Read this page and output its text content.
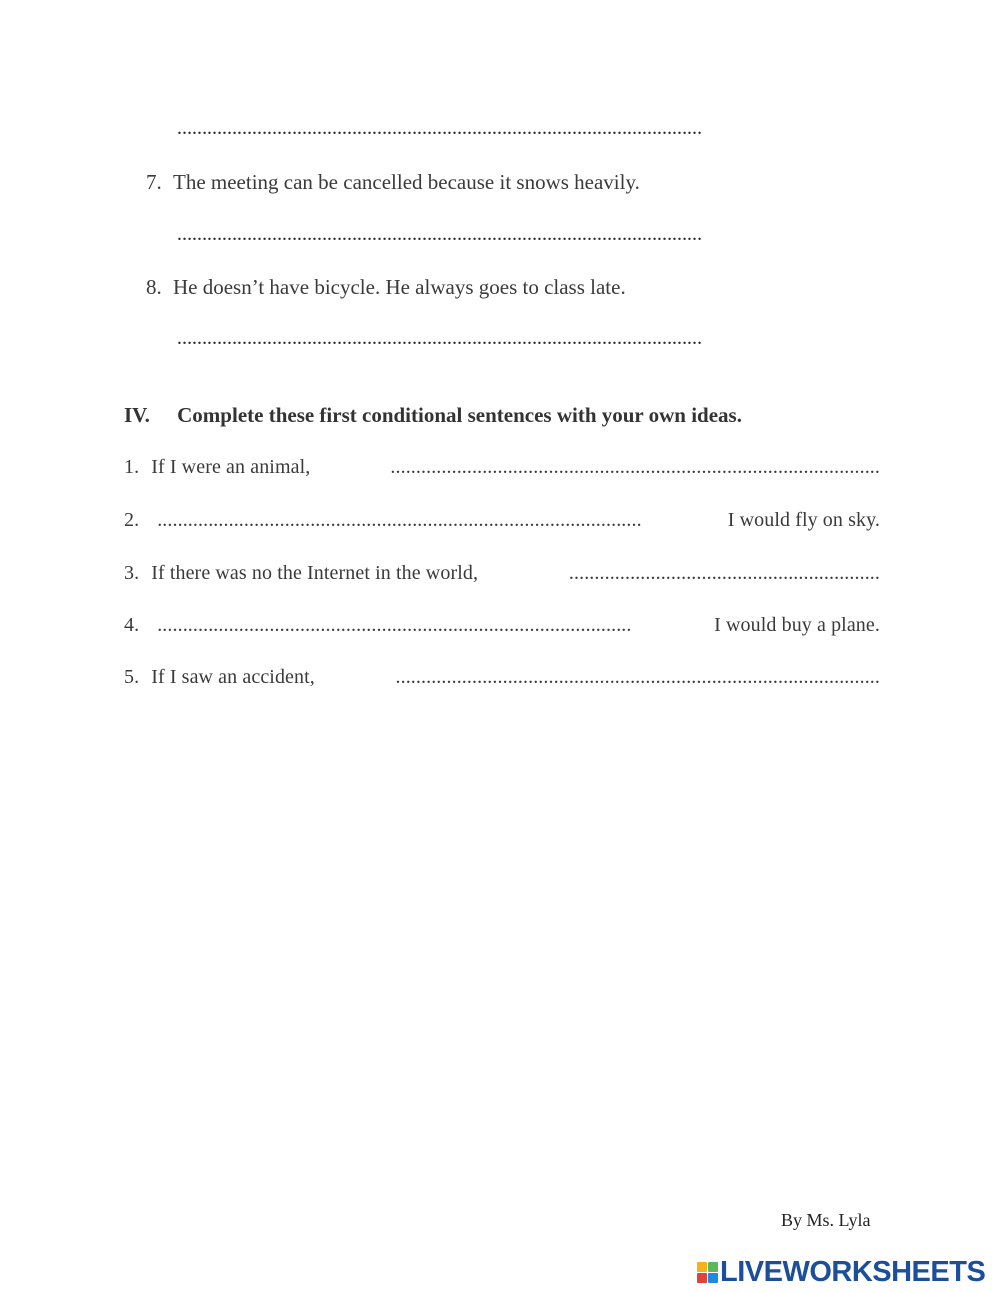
……………………………………………………………………………………………
7. The meeting can be cancelled because it snows heavily.
……………………………………………………………………………………………
8. He doesn’t have bicycle. He always goes to class late.
……………………………………………………………………………………………
IV. Complete these first conditional sentences with your own ideas.
1. If I were an animal,	................................................................................................
2. ...............................................................................................	I would fly on sky.
3. If there was no the Internet in the world,	.............................................................
4. .............................................................................................	I would buy a plane.
5. If I saw an accident,	...............................................................................................
By Ms. Lyla
LIVEWORKSHEETS
